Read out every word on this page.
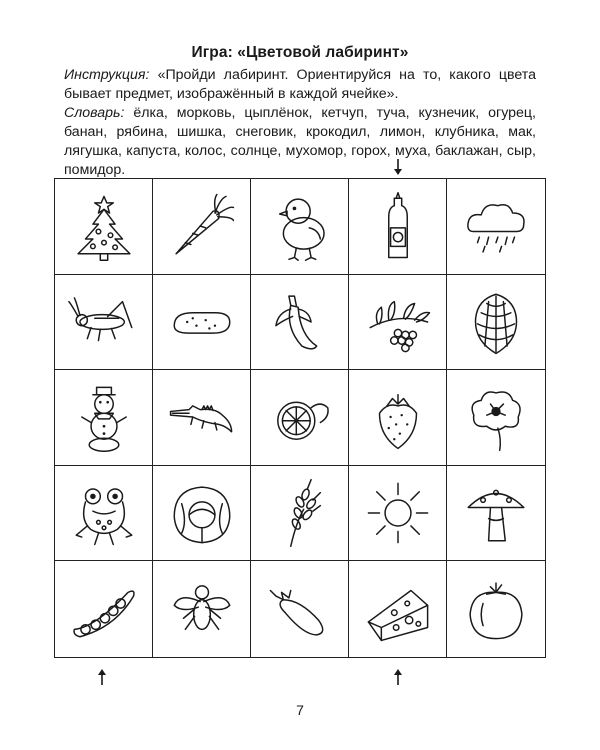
Игра: «Цветовой лабиринт»
Инструкция: «Пройди лабиринт. Ориентируйся на то, какого цвета бывает предмет, изображённый в каждой ячейке».
Словарь: ёлка, морковь, цыплёнок, кетчуп, туча, кузнечик, огурец, банан, рябина, шишка, снеговик, крокодил, лимон, клубника, мак, лягушка, капуста, колос, солнце, мухомор, горох, муха, баклажан, сыр, помидор.
7
